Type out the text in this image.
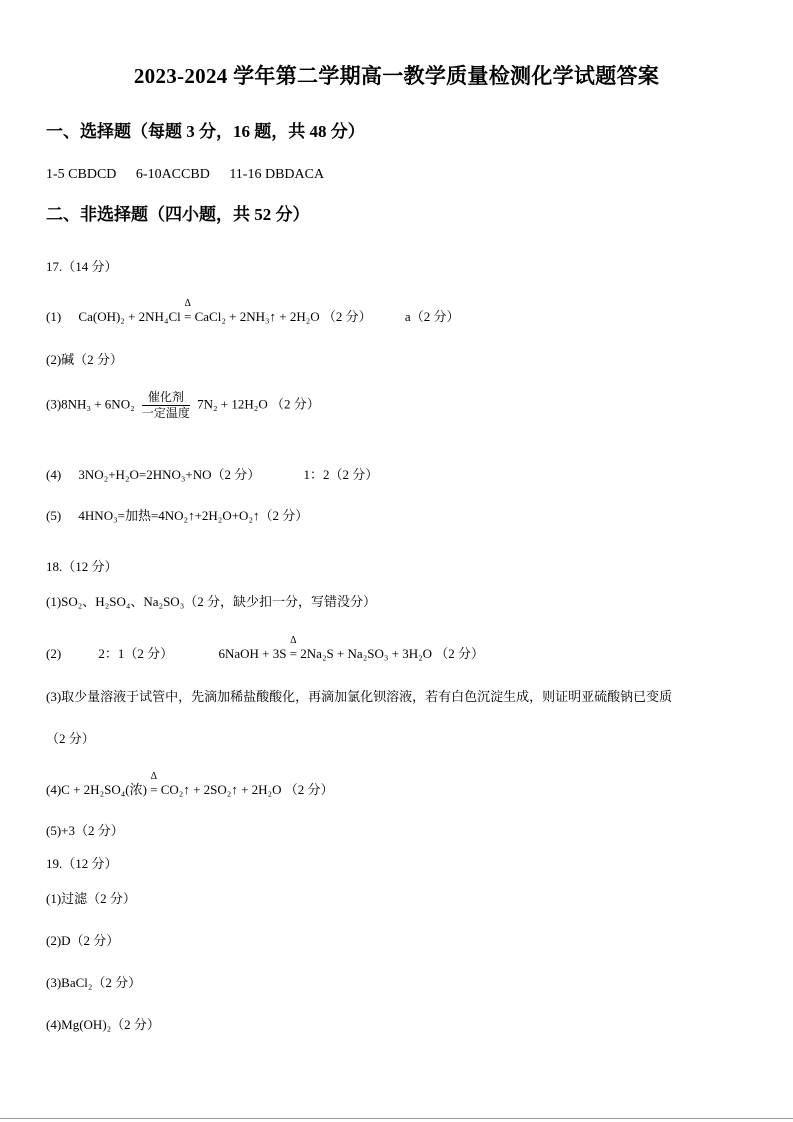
2023-2024 学年第二学期高一教学质量检测化学试题答案
一、选择题（每题 3 分，16 题，共 48 分）
1-5 CBDCD 6-10ACCBD 11-16 DBDACA
二、非选择题（四小题，共 52 分）
17.（14 分）
(1) Ca(OH)₂ + 2NH₄Cl
Δ
= CaCl₂ + 2NH₃↑ + 2H₂O （2 分）	a（2 分）
(2)碱（2 分）
$(3)8NH_3 + 6NO_2 \frac{\text{催化剂}}{\text{一定温度}} 7N_2 + 12H_2O$ （2 分）
(4) 3NO₂+H₂O=2HNO₃+NO（2 分）	1：2（2 分）
(5) 4HNO₃=加热=4NO₂↑+2H₂O+O₂↑（2 分）
18.（12 分）
(1)SO₂、H₂SO₄、Na₂SO₃（2 分，缺少扣一分，写错没分）
(2)	2：1（2 分）	6NaOH + 3S
Δ
= 2Na₂S + Na₂SO₃ + 3H₂O （2 分）
(3)取少量溶液于试管中，先滴加稀盐酸酸化，再滴加氯化钡溶液，若有白色沉淀生成，则证明亚硫酸钠已变质
（2 分）
(4)C + 2H₂SO₄(浓)
Δ
= CO₂↑ + 2SO₂↑ + 2H₂O （2 分）
(5)+3（2 分）
19.（12 分）
(1)过滤（2 分）
(2)D（2 分）
(3)BaCl₂（2 分）
(4)Mg(OH)₂（2 分）
